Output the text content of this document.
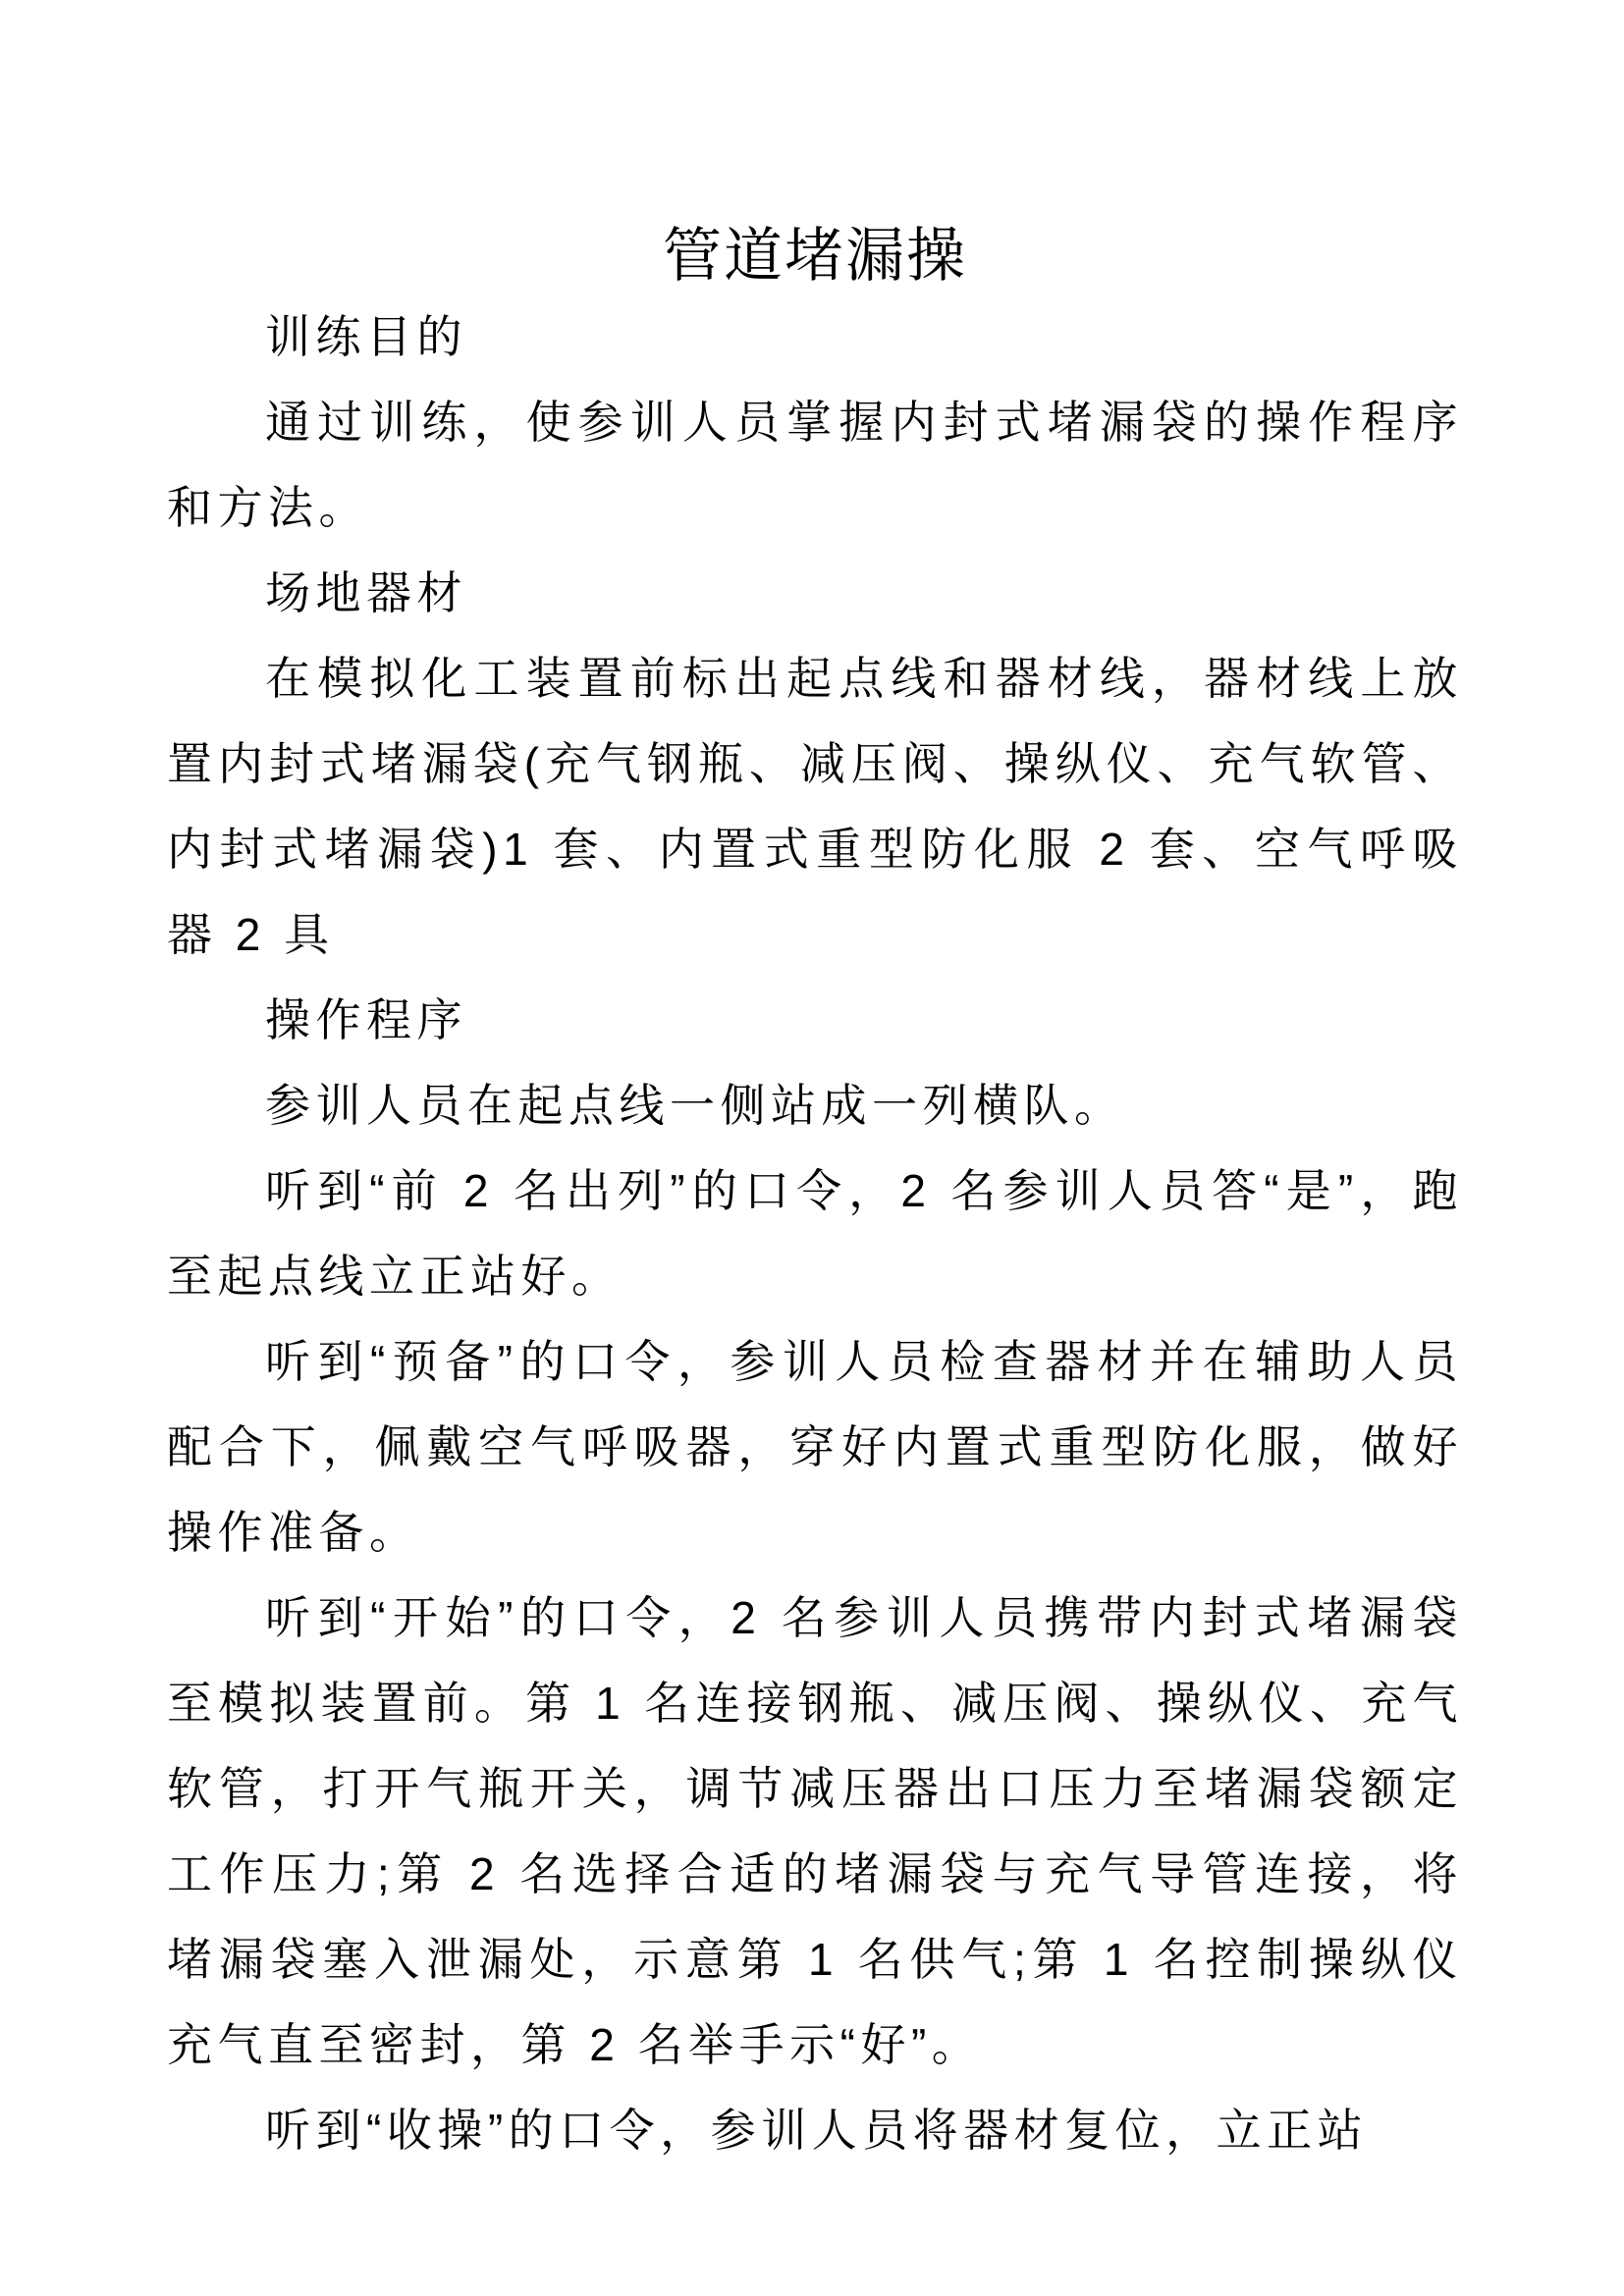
管道堵漏操

训练目的

通过训练，使参训人员掌握内封式堵漏袋的操作程序和方法。

场地器材

在模拟化工装置前标出起点线和器材线，器材线上放置内封式堵漏袋(充气钢瓶、减压阀、操纵仪、充气软管、内封式堵漏袋)1 套、内置式重型防化服 2 套、空气呼吸器 2 具

操作程序

参训人员在起点线一侧站成一列横队。

听到“前 2 名出列”的口令，2 名参训人员答“是”，跑至起点线立正站好。

听到“预备”的口令，参训人员检查器材并在辅助人员配合下，佩戴空气呼吸器，穿好内置式重型防化服，做好操作准备。

听到“开始”的口令，2 名参训人员携带内封式堵漏袋至模拟装置前。第 1 名连接钢瓶、减压阀、操纵仪、充气软管，打开气瓶开关，调节减压器出口压力至堵漏袋额定工作压力;第 2 名选择合适的堵漏袋与充气导管连接，将堵漏袋塞入泄漏处，示意第 1 名供气;第 1 名控制操纵仪充气直至密封，第 2 名举手示“好”。

听到“收操”的口令，参训人员将器材复位，立正站
